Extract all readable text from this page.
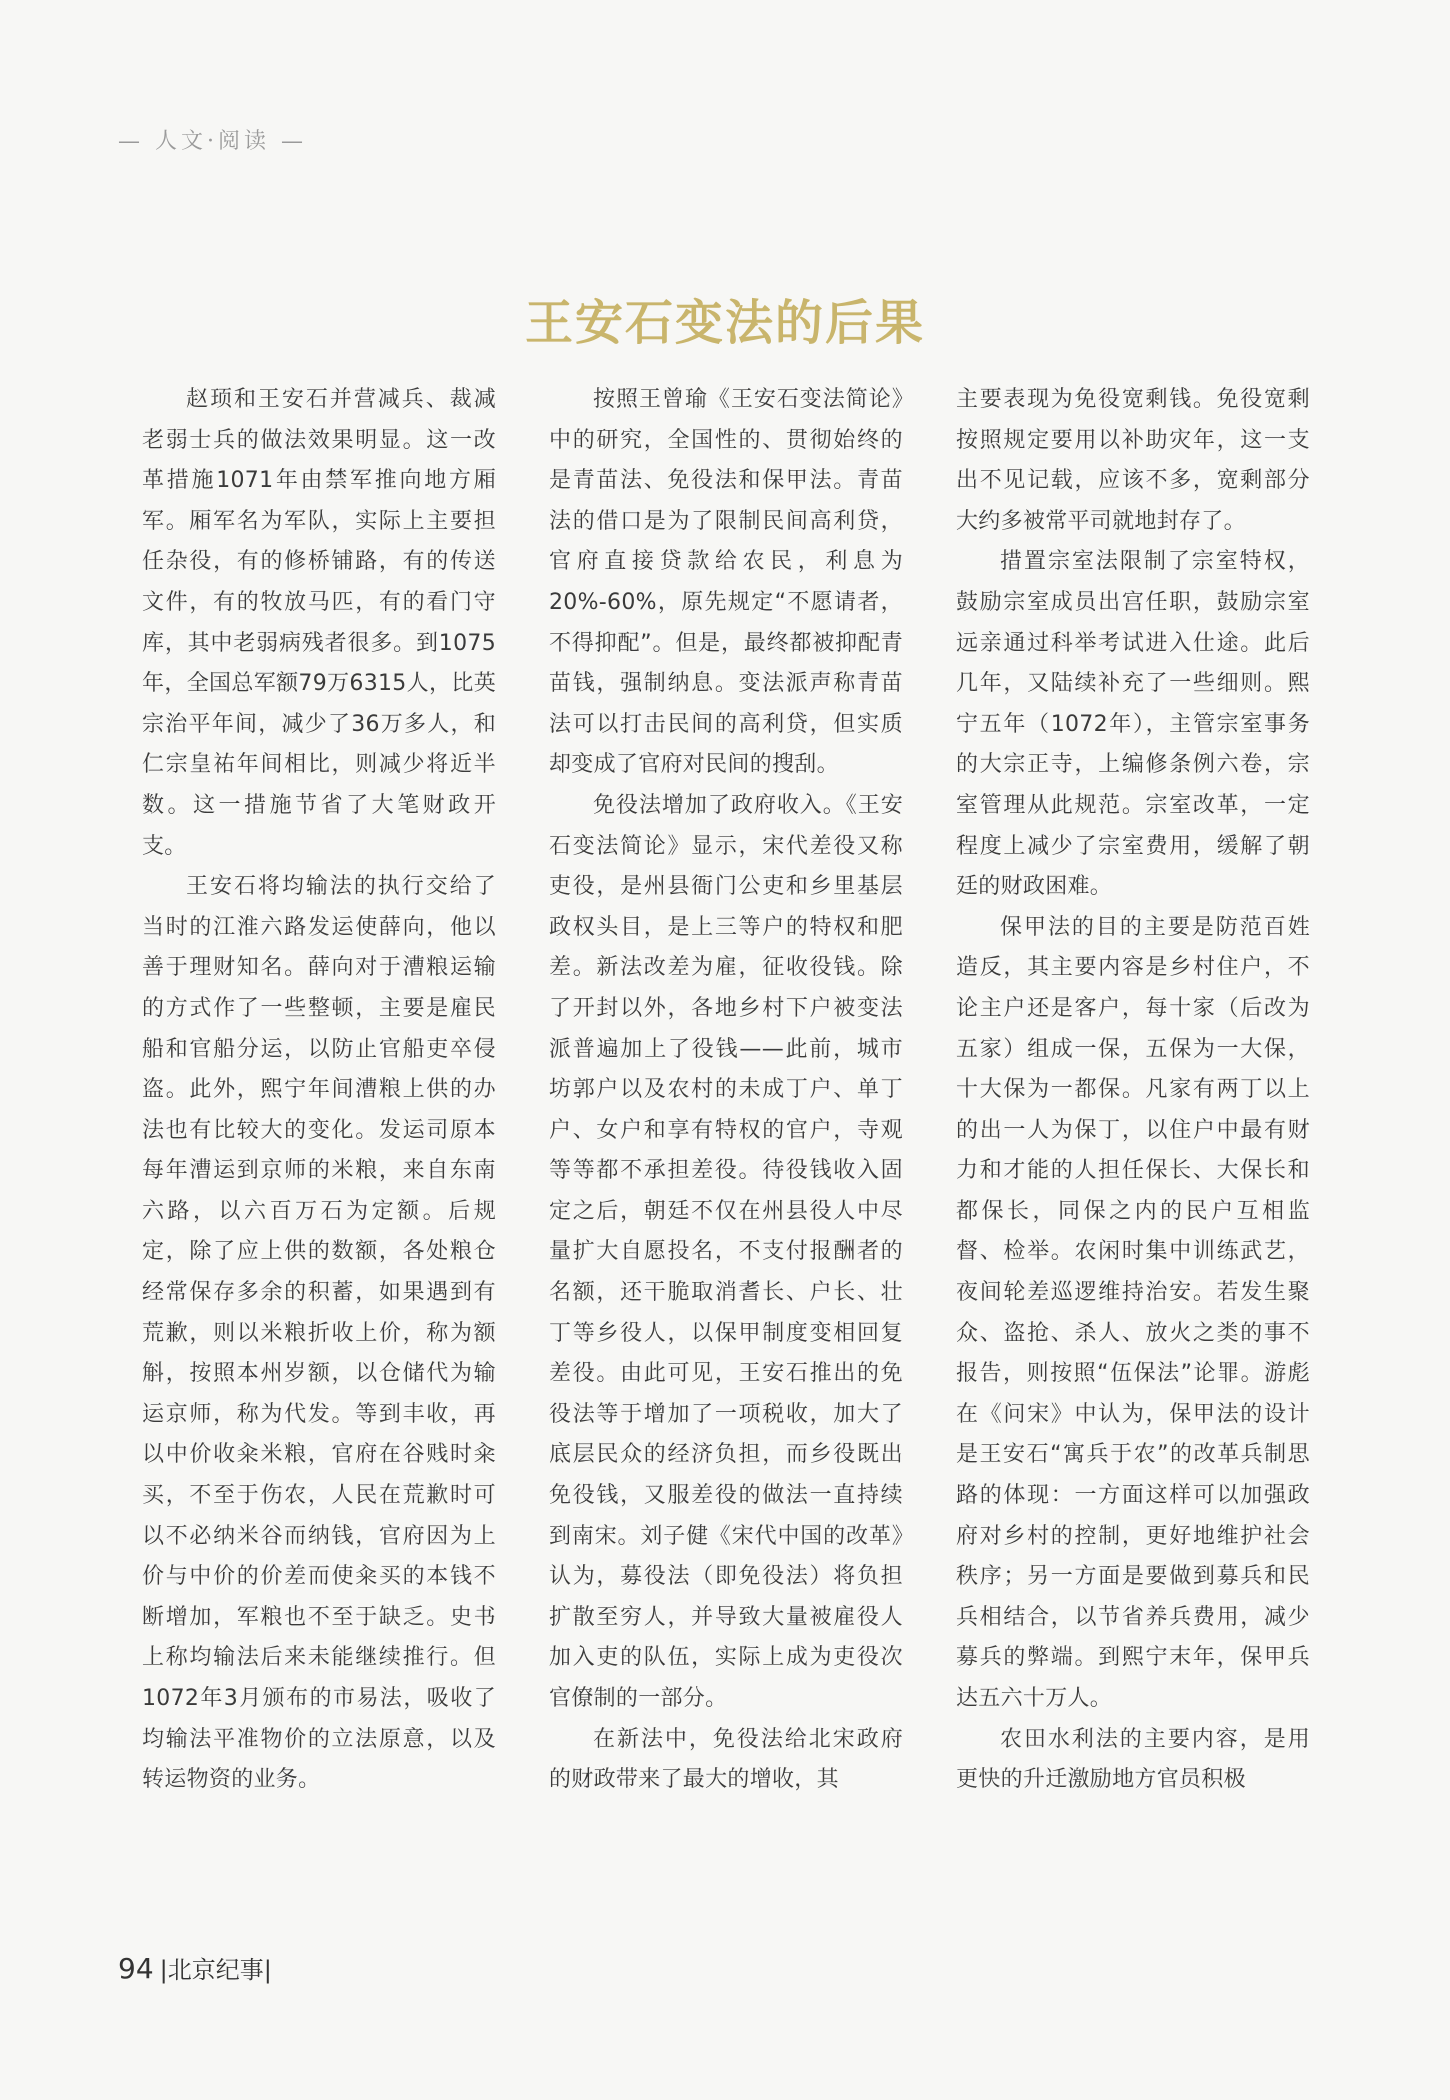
— 人文·阅读 —
王安石变法的后果

赵顼和王安石并营减兵、裁减老弱士兵的做法效果明显。这一改革措施1071年由禁军推向地方厢军。厢军名为军队，实际上主要担任杂役，有的修桥铺路，有的传送文件，有的牧放马匹，有的看门守库，其中老弱病残者很多。到1075年，全国总军额79万6315人，比英宗治平年间，减少了36万多人，和仁宗皇祐年间相比，则减少将近半数。这一措施节省了大笔财政开支。

王安石将均输法的执行交给了当时的江淮六路发运使薛向，他以善于理财知名。薛向对于漕粮运输的方式作了一些整顿，主要是雇民船和官船分运，以防止官船吏卒侵盗。此外，熙宁年间漕粮上供的办法也有比较大的变化。发运司原本每年漕运到京师的米粮，来自东南六路，以六百万石为定额。后规定，除了应上供的数额，各处粮仓经常保存多余的积蓄，如果遇到有荒歉，则以米粮折收上价，称为额斛，按照本州岁额，以仓储代为输运京师，称为代发。等到丰收，再以中价收籴米粮，官府在谷贱时籴买，不至于伤农，人民在荒歉时可以不必纳米谷而纳钱，官府因为上价与中价的价差而使籴买的本钱不断增加，军粮也不至于缺乏。史书上称均输法后来未能继续推行。但1072年3月颁布的市易法，吸收了均输法平准物价的立法原意，以及转运物资的业务。

按照王曾瑜《王安石变法简论》中的研究，全国性的、贯彻始终的是青苗法、免役法和保甲法。青苗法的借口是为了限制民间高利贷，官府直接贷款给农民，利息为20%-60%，原先规定“不愿请者，不得抑配”。但是，最终都被抑配青苗钱，强制纳息。变法派声称青苗法可以打击民间的高利贷，但实质却变成了官府对民间的搜刮。

免役法增加了政府收入。《王安石变法简论》显示，宋代差役又称吏役，是州县衙门公吏和乡里基层政权头目，是上三等户的特权和肥差。新法改差为雇，征收役钱。除了开封以外，各地乡村下户被变法派普遍加上了役钱——此前，城市坊郭户以及农村的未成丁户、单丁户、女户和享有特权的官户，寺观等等都不承担差役。待役钱收入固定之后，朝廷不仅在州县役人中尽量扩大自愿投名，不支付报酬者的名额，还干脆取消耆长、户长、壮丁等乡役人，以保甲制度变相回复差役。由此可见，王安石推出的免役法等于增加了一项税收，加大了底层民众的经济负担，而乡役既出免役钱，又服差役的做法一直持续到南宋。刘子健《宋代中国的改革》认为，募役法（即免役法）将负担扩散至穷人，并导致大量被雇役人加入吏的队伍，实际上成为吏役次官僚制的一部分。

在新法中，免役法给北宋政府的财政带来了最大的增收，其

主要表现为免役宽剩钱。免役宽剩按照规定要用以补助灾年，这一支出不见记载，应该不多，宽剩部分大约多被常平司就地封存了。

措置宗室法限制了宗室特权，鼓励宗室成员出宫任职，鼓励宗室远亲通过科举考试进入仕途。此后几年，又陆续补充了一些细则。熙宁五年（1072年），主管宗室事务的大宗正寺，上编修条例六卷，宗室管理从此规范。宗室改革，一定程度上减少了宗室费用，缓解了朝廷的财政困难。

保甲法的目的主要是防范百姓造反，其主要内容是乡村住户，不论主户还是客户，每十家（后改为五家）组成一保，五保为一大保，十大保为一都保。凡家有两丁以上的出一人为保丁，以住户中最有财力和才能的人担任保长、大保长和都保长，同保之内的民户互相监督、检举。农闲时集中训练武艺，夜间轮差巡逻维持治安。若发生聚众、盗抢、杀人、放火之类的事不报告，则按照“伍保法”论罪。游彪在《问宋》中认为，保甲法的设计是王安石“寓兵于农”的改革兵制思路的体现：一方面这样可以加强政府对乡村的控制，更好地维护社会秩序；另一方面是要做到募兵和民兵相结合，以节省养兵费用，减少募兵的弊端。到熙宁末年，保甲兵达五六十万人。

农田水利法的主要内容，是用更快的升迁激励地方官员积极

94 |北京纪事|
